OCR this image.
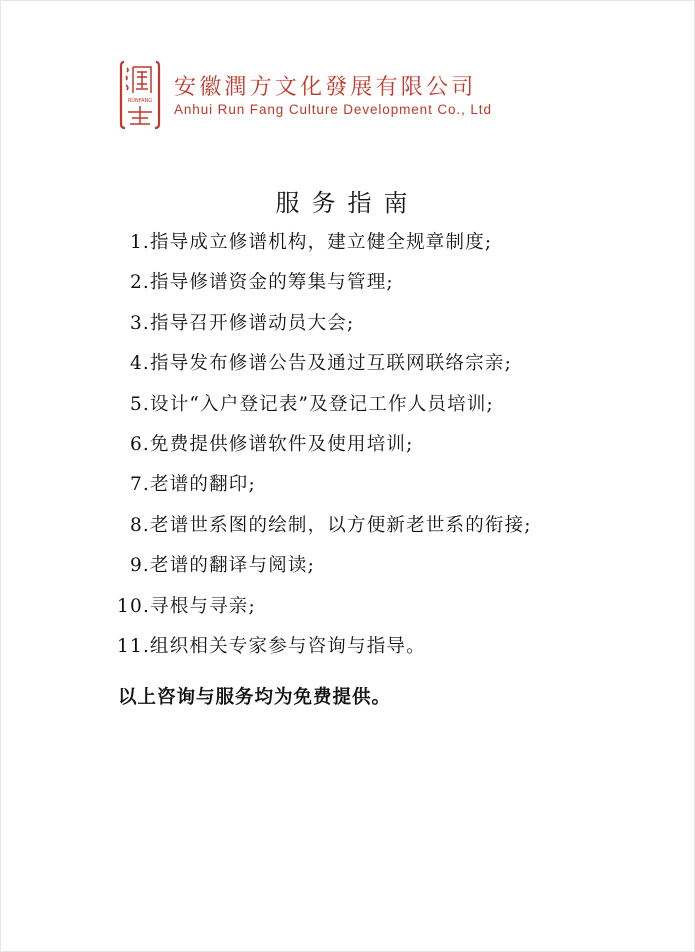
RUNFANG
安徽潤方文化發展有限公司
Anhui Run Fang Culture Development Co., Ltd
服务指南
1.指导成立修谱机构，建立健全规章制度;
2.指导修谱资金的筹集与管理;
3.指导召开修谱动员大会;
4.指导发布修谱公告及通过互联网联络宗亲;
5.设计“入户登记表”及登记工作人员培训;
6.免费提供修谱软件及使用培训;
7.老谱的翻印;
8.老谱世系图的绘制，以方便新老世系的衔接;
9.老谱的翻译与阅读;
10.寻根与寻亲;
11.组织相关专家参与咨询与指导。
以上咨询与服务均为免费提供。
